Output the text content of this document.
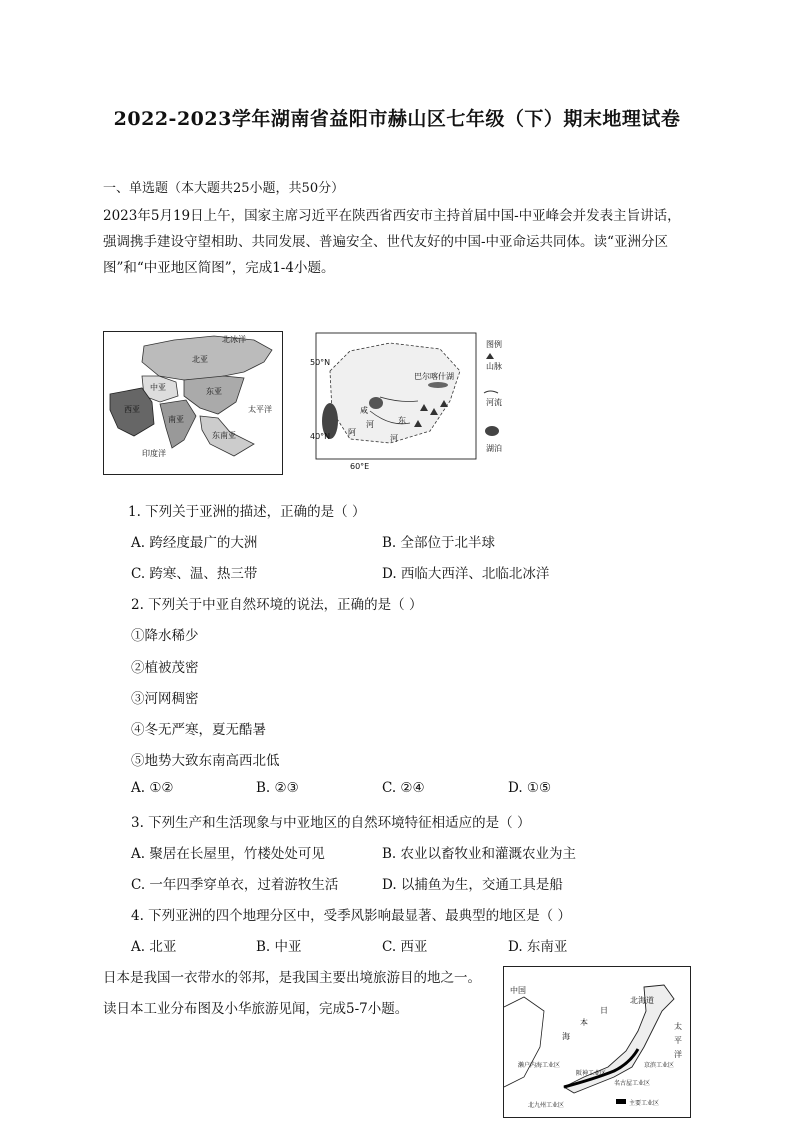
2022-2023学年湖南省益阳市赫山区七年级（下）期末地理试卷
一、单选题（本大题共25小题，共50分）
2023年5月19日上午，国家主席习近平在陕西省西安市主持首届中国-中亚峰会并发表主旨讲话，
强调携手建设守望相助、共同发展、普遍安全、世代友好的中国-中亚命运共同体。读“亚洲分区
图”和“中亚地区简图”，完成1-4小题。
北冰洋
北亚
中亚
西亚
东亚
南亚
东南亚
太平洋
印度洋
50°N
40°N
60°E
巴尔喀什湖
咸
河	东
河
阿
图例
山脉
河流
湖泊
1. 下列关于亚洲的描述，正确的是（ ）
A. 跨经度最广的大洲	B. 全部位于北半球
C. 跨寒、温、热三带	D. 西临大西洋、北临北冰洋
2. 下列关于中亚自然环境的说法，正确的是（ ）
①降水稀少
②植被茂密
③河网稠密
④冬无严寒，夏无酷暑
⑤地势大致东南高西北低
A. ①②	B. ②③	C. ②④	D. ①⑤
3. 下列生产和生活现象与中亚地区的自然环境特征相适应的是（ ）
A. 聚居在长屋里，竹楼处处可见	B. 农业以畜牧业和灌溉农业为主
C. 一年四季穿单衣，过着游牧生活	D. 以捕鱼为生，交通工具是船
4. 下列亚洲的四个地理分区中，受季风影响最显著、最典型的地区是（ ）
A. 北亚	B. 中亚	C. 西亚	D. 东南亚
日本是我国一衣带水的邻邦，是我国主要出境旅游目的地之一。
读日本工业分布图及小华旅游见闻，完成5-7小题。
中国
北海道
日
本
海
太
平
洋
京滨工业区
名古屋工业区
阪神工业区
濑户内海工业区
北九州工业区	主要工业区
